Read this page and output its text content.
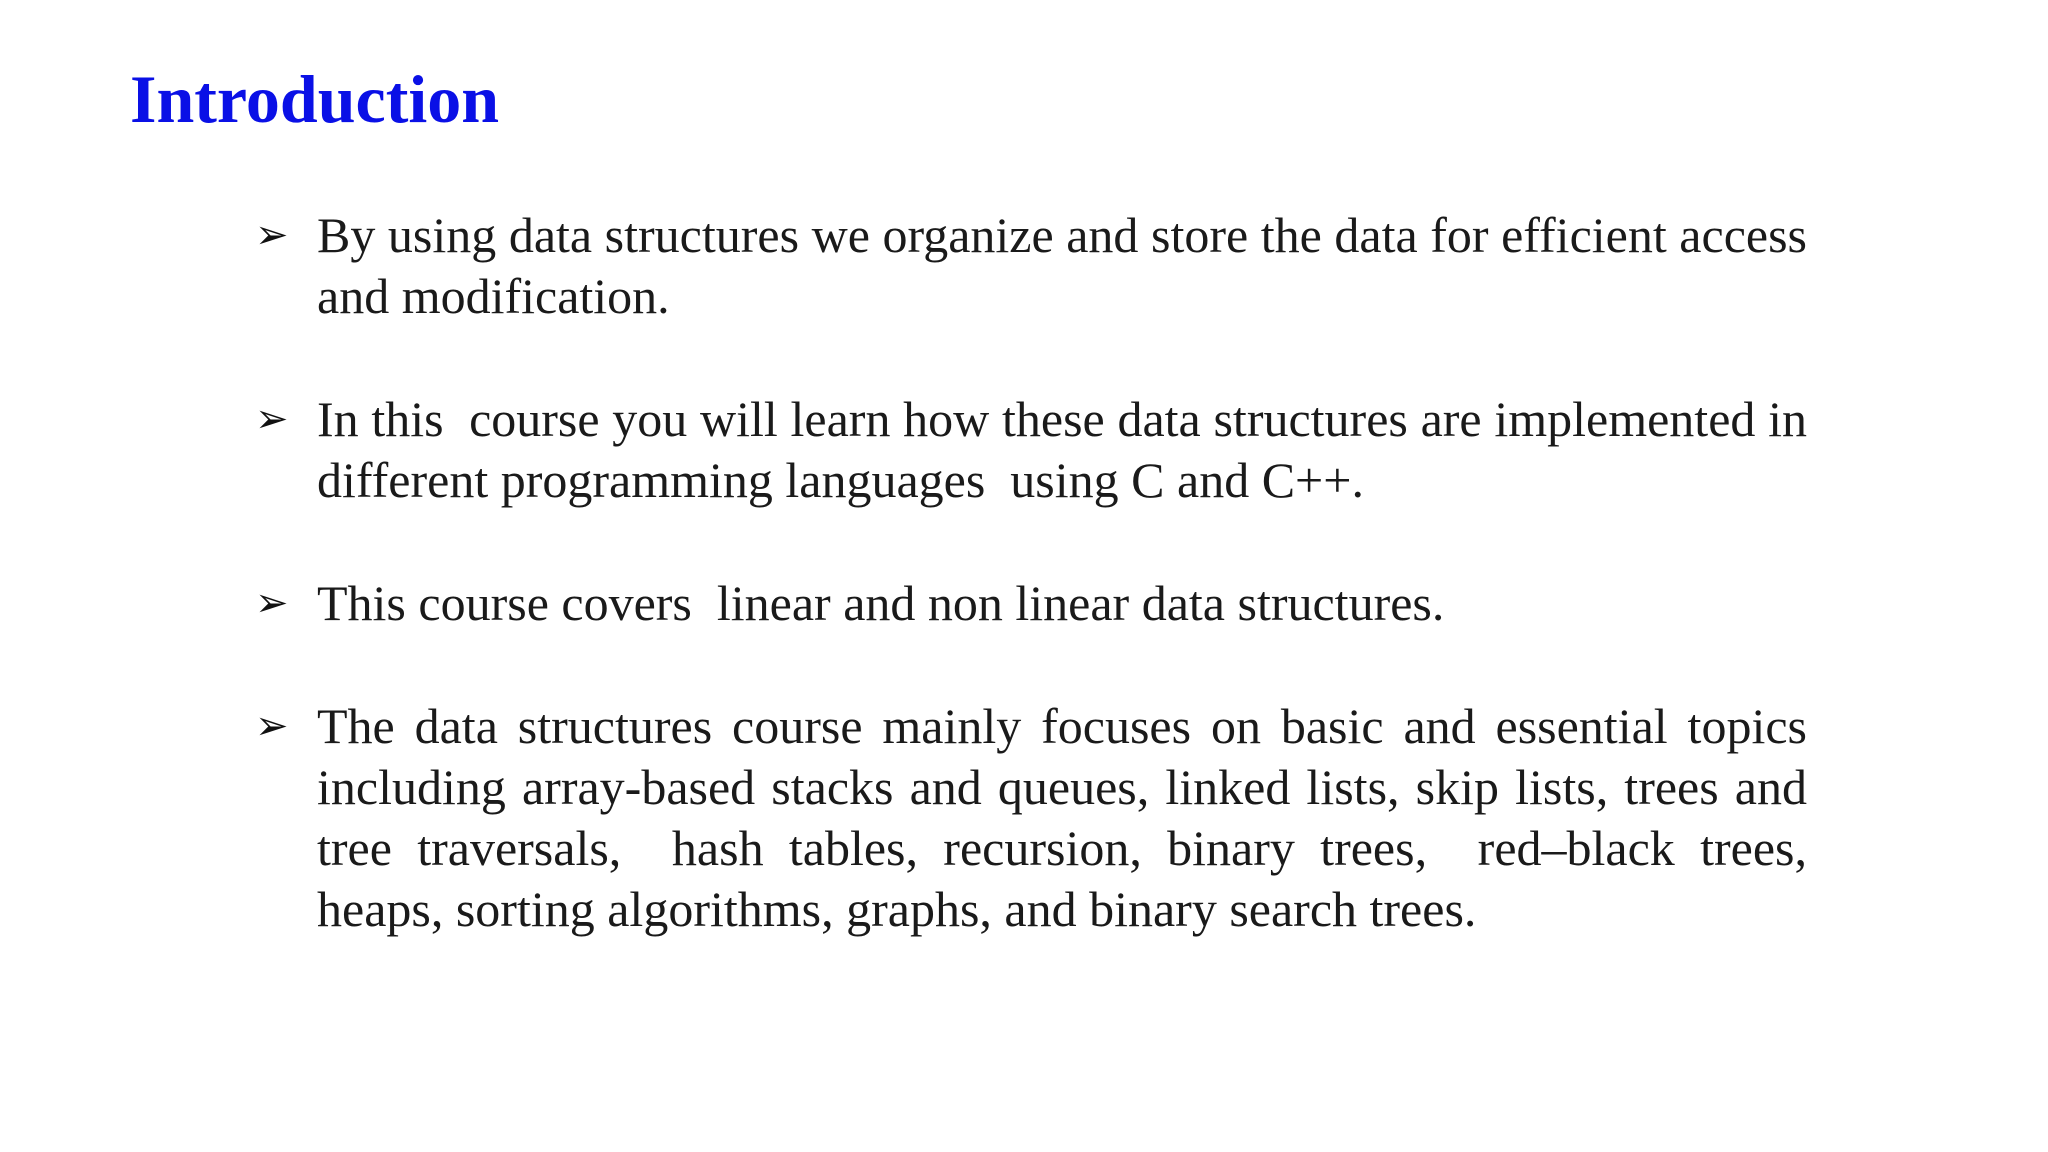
Introduction
➢ By using data structures we organize and store the data for efficient access and modification.
➢ In this  course you will learn how these data structures are implemented in different programming languages  using C and C++.
➢ This course covers  linear and non linear data structures.
➢ The data structures course mainly focuses on basic and essential topics including array-based stacks and queues, linked lists, skip lists, trees and tree traversals,  hash tables, recursion, binary trees,  red–black trees, heaps, sorting algorithms, graphs, and binary search trees.
